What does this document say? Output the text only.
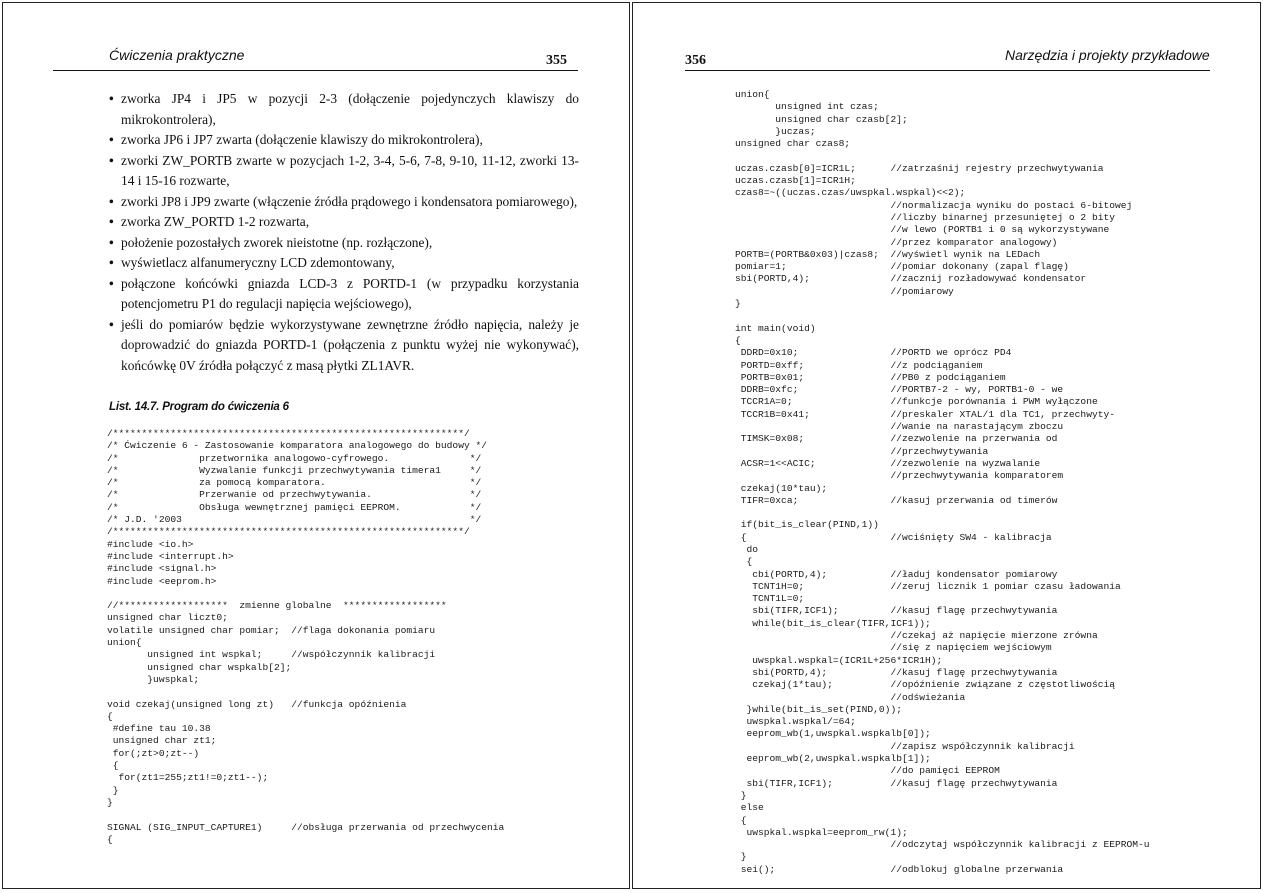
Ćwiczenia praktyczne	355
• zworka JP4 i JP5 w pozycji 2-3 (dołączenie pojedynczych klawiszy do mikrokontrolera),
• zworka JP6 i JP7 zwarta (dołączenie klawiszy do mikrokontrolera),
• zworki ZW_PORTB zwarte w pozycjach 1-2, 3-4, 5-6, 7-8, 9-10, 11-12, zworki 13-14 i 15-16 rozwarte,
• zworki JP8 i JP9 zwarte (włączenie źródła prądowego i kondensatora pomiarowego),
• zworka ZW_PORTD 1-2 rozwarta,
• położenie pozostałych zworek nieistotne (np. rozłączone),
• wyświetlacz alfanumeryczny LCD zdemontowany,
• połączone końcówki gniazda LCD-3 z PORTD-1 (w przypadku korzystania potencjometru P1 do regulacji napięcia wejściowego),
• jeśli do pomiarów będzie wykorzystywane zewnętrzne źródło napięcia, należy je doprowadzić do gniazda PORTD-1 (połączenia z punktu wyżej nie wykonywać), końcówkę 0V źródła połączyć z masą płytki ZL1AVR.
List. 14.7. Program do ćwiczenia 6
/*************************************************************/
/* Ćwiczenie 6 - Zastosowanie komparatora analogowego do budowy */
/*              przetwornika analogowo-cyfrowego.              */
/*              Wyzwalanie funkcji przechwytywania timera1     */
/*              za pomocą komparatora.                         */
/*              Przerwanie od przechwytywania.                 */
/*              Obsługa wewnętrznej pamięci EEPROM.            */
/* J.D. '2003                                                  */
/*************************************************************/
#include <io.h>
#include <interrupt.h>
#include <signal.h>
#include <eeprom.h>

//*******************  zmienne globalne  ******************
unsigned char liczt0;
volatile unsigned char pomiar;  //flaga dokonania pomiaru
union{
unsigned int wspkal;     //współczynnik kalibracji
unsigned char wspkalb[2];
}uwspkal;

void czekaj(unsigned long zt)   //funkcja opóźnienia
{
#define tau 10.38
unsigned char zt1;
for(;zt>0;zt--)
{
for(zt1=255;zt1!=0;zt1--);
}
}

SIGNAL (SIG_INPUT_CAPTURE1)     //obsługa przerwania od przechwycenia
{
356	Narzędzia i projekty przykładowe
union{
unsigned int czas;
unsigned char czasb[2];
}uczas;
unsigned char czas8;

uczas.czasb[0]=ICR1L;      //zatrzaśnij rejestry przechwytywania
uczas.czasb[1]=ICR1H;
czas8=~((uczas.czas/uwspkal.wspkal)<<2);
//normalizacja wyniku do postaci 6-bitowej
//liczby binarnej przesuniętej o 2 bity
//w lewo (PORTB1 i 0 są wykorzystywane
//przez komparator analogowy)
PORTB=(PORTB&0x03)|czas8;  //wyświetl wynik na LEDach
pomiar=1;                  //pomiar dokonany (zapal flagę)
sbi(PORTD,4);              //zacznij rozładowywać kondensator
//pomiarowy
}

int main(void)
{
DDRD=0x10;                //PORTD we oprócz PD4
PORTD=0xff;               //z podciąganiem
PORTB=0x01;               //PB0 z podciąganiem
DDRB=0xfc;                //PORTB7-2 - wy, PORTB1-0 - we
TCCR1A=0;                 //funkcje porównania i PWM wyłączone
TCCR1B=0x41;              //preskaler XTAL/1 dla TC1, przechwyty-
//wanie na narastającym zboczu
TIMSK=0x08;               //zezwolenie na przerwania od
//przechwytywania
ACSR=1<<ACIC;             //zezwolenie na wyzwalanie
//przechwytywania komparatorem
czekaj(10*tau);
TIFR=0xca;                //kasuj przerwania od timerów

if(bit_is_clear(PIND,1))
{                         //wciśnięty SW4 - kalibracja
do
{
cbi(PORTD,4);           //ładuj kondensator pomiarowy
TCNT1H=0;               //zeruj licznik 1 pomiar czasu ładowania
TCNT1L=0;
sbi(TIFR,ICF1);         //kasuj flagę przechwytywania
while(bit_is_clear(TIFR,ICF1));
//czekaj aż napięcie mierzone zrówna
//się z napięciem wejściowym
uwspkal.wspkal=(ICR1L+256*ICR1H);
sbi(PORTD,4);           //kasuj flagę przechwytywania
czekaj(1*tau);          //opóźnienie związane z częstotliwością
//odświeżania
}while(bit_is_set(PIND,0));
uwspkal.wspkal/=64;
eeprom_wb(1,uwspkal.wspkalb[0]);
//zapisz współczynnik kalibracji
eeprom_wb(2,uwspkal.wspkalb[1]);
//do pamięci EEPROM
sbi(TIFR,ICF1);          //kasuj flagę przechwytywania
}
else
{
uwspkal.wspkal=eeprom_rw(1);
//odczytaj współczynnik kalibracji z EEPROM-u
}
sei();                    //odblokuj globalne przerwania
